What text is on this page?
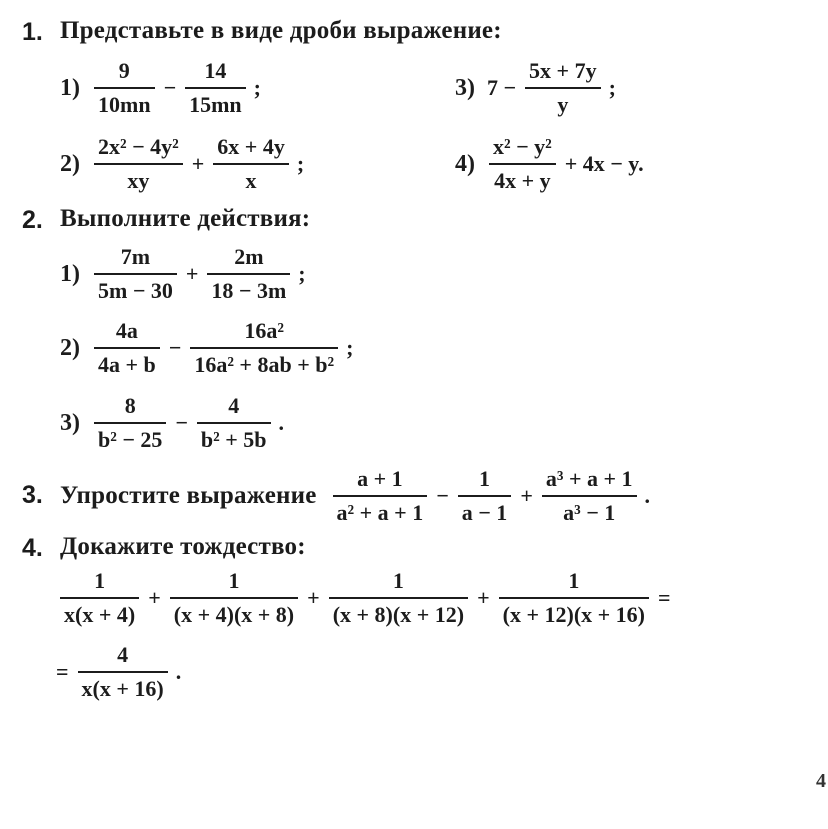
1. Представьте в виде дроби выражение:
$1) \frac{9}{10mn} - \frac{14}{15mn}$ ;	3) $7 - \frac{5x + 7y}{y}$ ;
$2) \frac{\text{2x² − 4y²}}{xy} + \frac{6x + 4y}{x}$ ;	$4) \frac{\text{x² − y²}}{4x + y} + 4x - y$.
2. Выполните действия:
$1) \frac{7m}{5m - 30} + \frac{2m}{18 - 3m}$ ;
$2) \frac{4a}{4a + b} - \frac{\text{16a²}}{\text{16a² + 8ab + b²}}$ ;
$3) \frac{8}{\text{b² − 25}} - \frac{4}{\text{b² + 5b}}$ .
3. Упростите выражение $\frac{a + 1}{\text{a² + a + 1}} - \frac{1}{a - 1} + \frac{\text{a³ + a + 1}}{\text{a³ − 1}}$ .
4. Докажите тождество:
$\frac{1}{x(x + 4)} + \frac{1}{(x + 4)(x + 8)} + \frac{1}{(x + 8)(x + 12)} + \frac{1}{(x + 12)(x + 16)}$ =
= $\frac{4}{x(x + 16)}$ .
4
